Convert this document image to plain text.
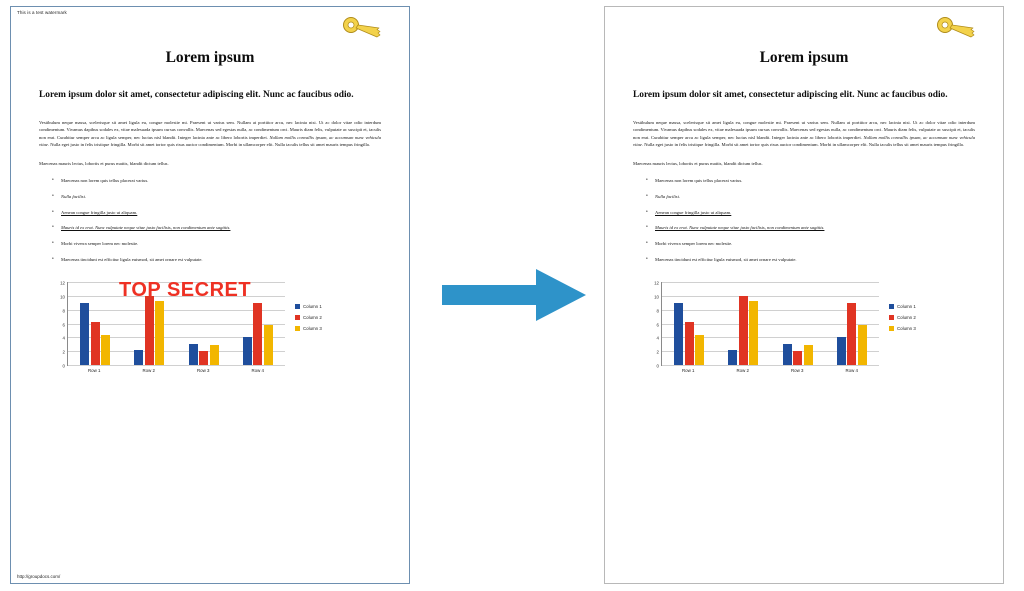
This is a test watermark
Lorem ipsum
Lorem ipsum dolor sit amet, consectetur adipiscing elit. Nunc ac faucibus odio.

Vestibulum neque massa, scelerisque sit amet ligula eu, congue molestie mi. Praesent ut varius sem. Nullam at porttitor arcu, nec lacinia nisi. Ut ac dolor vitae odio interdum condimentum. Vivamus dapibus sodales ex, vitae malesuada ipsum cursus convallis. Maecenas sed egestas nulla, ac condimentum orci. Mauris diam felis, vulputate ac suscipit et, iaculis non erat. Curabitur semper arcu ac ligula semper, nec luctus nisl blandit. Integer lacinia ante ac libero lobortis imperdiet. Nullam mollis convallis ipsum, ac accumsan nunc vehicula vitae. Nulla eget justo in felis tristique fringilla. Morbi sit amet tortor quis risus auctor condimentum. Morbi in ullamcorper elit. Nulla iaculis tellus sit amet mauris tempus fringilla.

Maecenas mauris lectus, lobortis et purus mattis, blandit dictum tellus.

• Maecenas non lorem quis tellus placerat varius.
• Nulla facilisi.
• Aenean congue fringilla justo ut aliquam.
• Mauris id ex erat. Nunc vulputate neque vitae justo facilisis, non condimentum ante sagittis.
• Morbi viverra semper lorem nec molestie.
• Maecenas tincidunt est efficitur ligula euismod, sit amet ornare est vulputate.
12
10
8
6
4
2
0
Row 1	Row 2	Row 3	Row 4
Column 1
Column 2
Column 3
http://groupdocs.com/
TOP SECRET
Lorem ipsum
Lorem ipsum dolor sit amet, consectetur adipiscing elit. Nunc ac faucibus odio.

Vestibulum neque massa, scelerisque sit amet ligula eu, congue molestie mi. Praesent ut varius sem. Nullam at porttitor arcu, nec lacinia nisi. Ut ac dolor vitae odio interdum condimentum. Vivamus dapibus sodales ex, vitae malesuada ipsum cursus convallis. Maecenas sed egestas nulla, ac condimentum orci. Mauris diam felis, vulputate ac suscipit et, iaculis non erat. Curabitur semper arcu ac ligula semper, nec luctus nisl blandit. Integer lacinia ante ac libero lobortis imperdiet. Nullam mollis convallis ipsum, ac accumsan nunc vehicula vitae. Nulla eget justo in felis tristique fringilla. Morbi sit amet tortor quis risus auctor condimentum. Morbi in ullamcorper elit. Nulla iaculis tellus sit amet mauris tempus fringilla.

Maecenas mauris lectus, lobortis et purus mattis, blandit dictum tellus.

• Maecenas non lorem quis tellus placerat varius.
• Nulla facilisi.
• Aenean congue fringilla justo ut aliquam.
• Mauris id ex erat. Nunc vulputate neque vitae justo facilisis, non condimentum ante sagittis.
• Morbi viverra semper lorem nec molestie.
• Maecenas tincidunt est efficitur ligula euismod, sit amet ornare est vulputate.
12
10
8
6
4
2
0
Row 1	Row 2	Row 3	Row 4
Column 1
Column 2
Column 3
